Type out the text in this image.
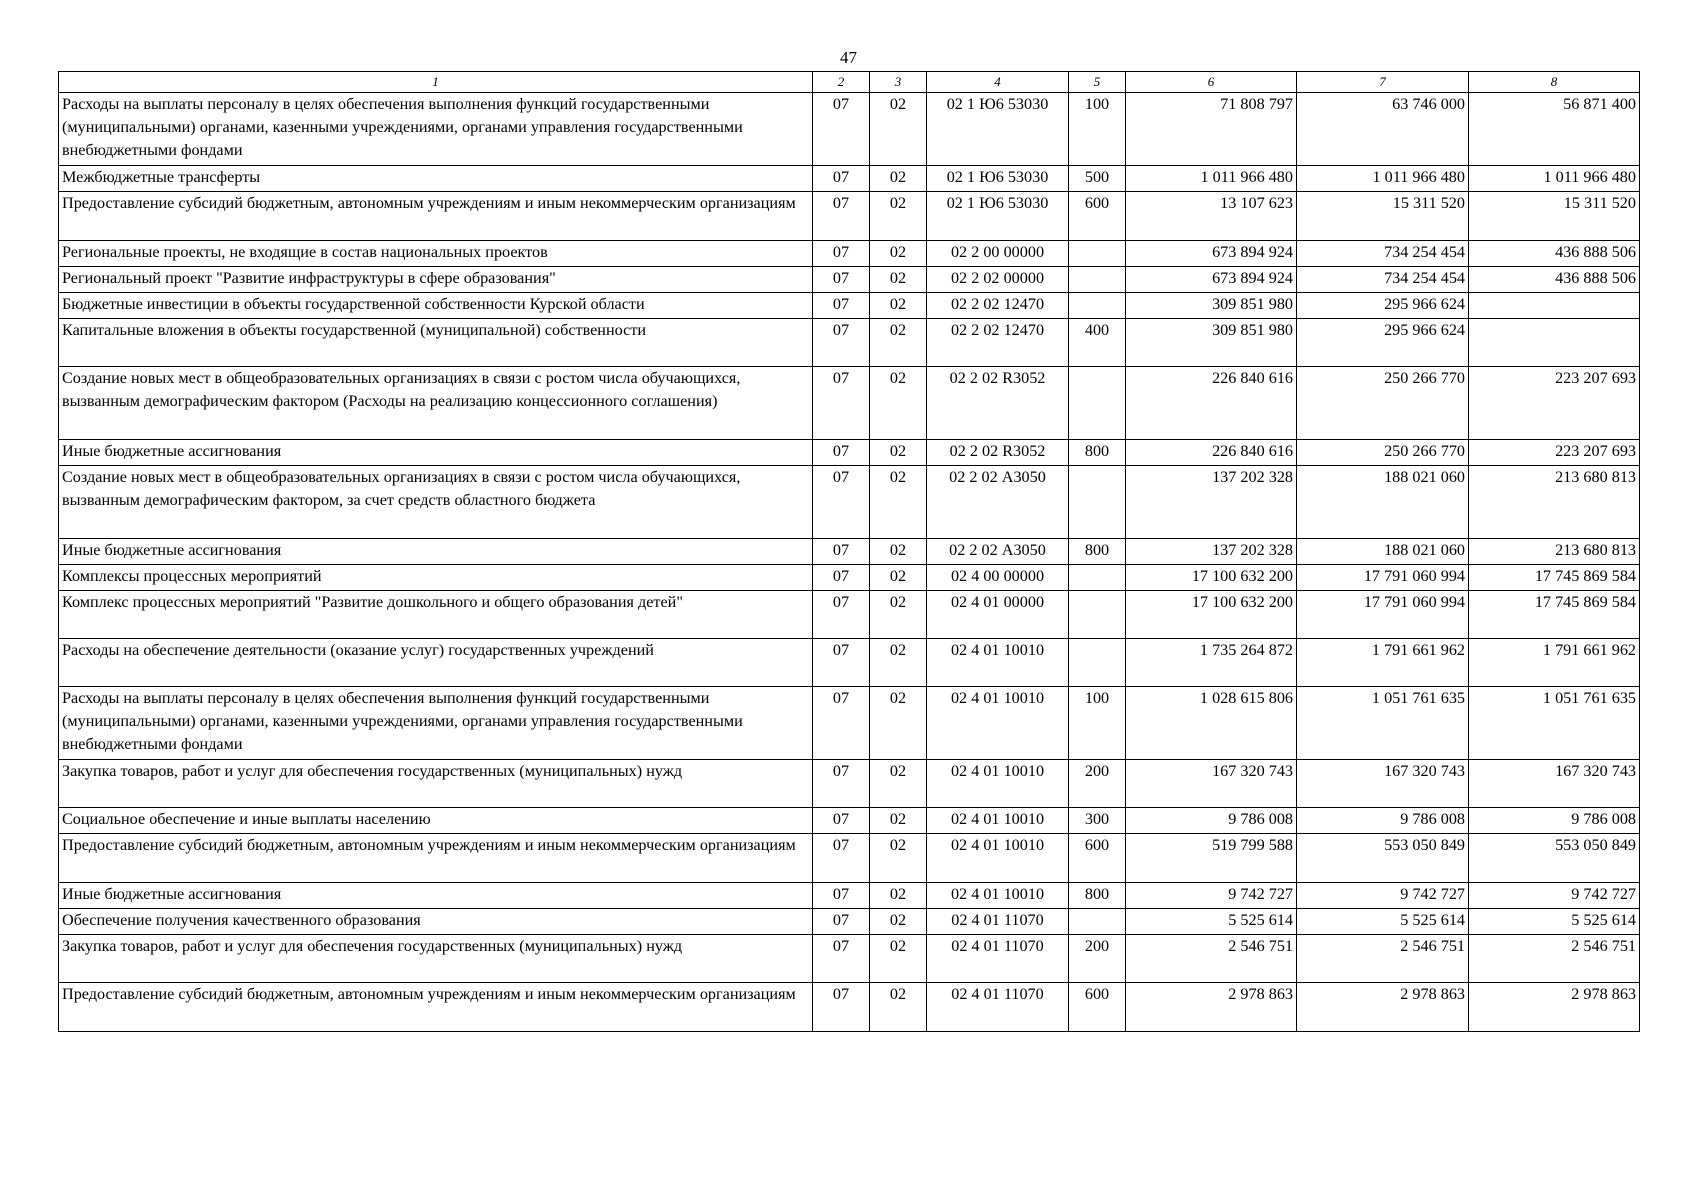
47
1	2	3	4	5	6	7	8
Расходы на выплаты персоналу в целях обеспечения выполнения функций государственными (муниципальными) органами, казенными учреждениями, органами управления государственными внебюджетными фондами	07	02	02 1 Ю6 53030	100	71 808 797	63 746 000	56 871 400
Межбюджетные трансферты	07	02	02 1 Ю6 53030	500	1 011 966 480	1 011 966 480	1 011 966 480
Предоставление субсидий бюджетным, автономным учреждениям и иным некоммерческим организациям	07	02	02 1 Ю6 53030	600	13 107 623	15 311 520	15 311 520
Региональные проекты, не входящие в состав национальных проектов	07	02	02 2 00 00000		673 894 924	734 254 454	436 888 506
Региональный проект "Развитие инфраструктуры в сфере образования"	07	02	02 2 02 00000		673 894 924	734 254 454	436 888 506
Бюджетные инвестиции в объекты государственной собственности Курской области	07	02	02 2 02 12470		309 851 980	295 966 624	
Капитальные вложения в объекты государственной (муниципальной) собственности	07	02	02 2 02 12470	400	309 851 980	295 966 624	
Создание новых мест в общеобразовательных организациях в связи с ростом числа обучающихся, вызванным демографическим фактором (Расходы на реализацию концессионного соглашения)	07	02	02 2 02 R3052		226 840 616	250 266 770	223 207 693
Иные бюджетные ассигнования	07	02	02 2 02 R3052	800	226 840 616	250 266 770	223 207 693
Создание новых мест в общеобразовательных организациях в связи с ростом числа обучающихся, вызванным демографическим фактором, за счет средств областного бюджета	07	02	02 2 02 А3050		137 202 328	188 021 060	213 680 813
Иные бюджетные ассигнования	07	02	02 2 02 А3050	800	137 202 328	188 021 060	213 680 813
Комплексы процессных мероприятий	07	02	02 4 00 00000		17 100 632 200	17 791 060 994	17 745 869 584
Комплекс процессных мероприятий "Развитие дошкольного и общего образования детей"	07	02	02 4 01 00000		17 100 632 200	17 791 060 994	17 745 869 584
Расходы на обеспечение деятельности (оказание услуг) государственных учреждений	07	02	02 4 01 10010		1 735 264 872	1 791 661 962	1 791 661 962
Расходы на выплаты персоналу в целях обеспечения выполнения функций государственными (муниципальными) органами, казенными учреждениями, органами управления государственными внебюджетными фондами	07	02	02 4 01 10010	100	1 028 615 806	1 051 761 635	1 051 761 635
Закупка товаров, работ и услуг для обеспечения государственных (муниципальных) нужд	07	02	02 4 01 10010	200	167 320 743	167 320 743	167 320 743
Социальное обеспечение и иные выплаты населению	07	02	02 4 01 10010	300	9 786 008	9 786 008	9 786 008
Предоставление субсидий бюджетным, автономным учреждениям и иным некоммерческим организациям	07	02	02 4 01 10010	600	519 799 588	553 050 849	553 050 849
Иные бюджетные ассигнования	07	02	02 4 01 10010	800	9 742 727	9 742 727	9 742 727
Обеспечение получения качественного образования	07	02	02 4 01 11070		5 525 614	5 525 614	5 525 614
Закупка товаров, работ и услуг для обеспечения государственных (муниципальных) нужд	07	02	02 4 01 11070	200	2 546 751	2 546 751	2 546 751
Предоставление субсидий бюджетным, автономным учреждениям и иным некоммерческим организациям	07	02	02 4 01 11070	600	2 978 863	2 978 863	2 978 863
